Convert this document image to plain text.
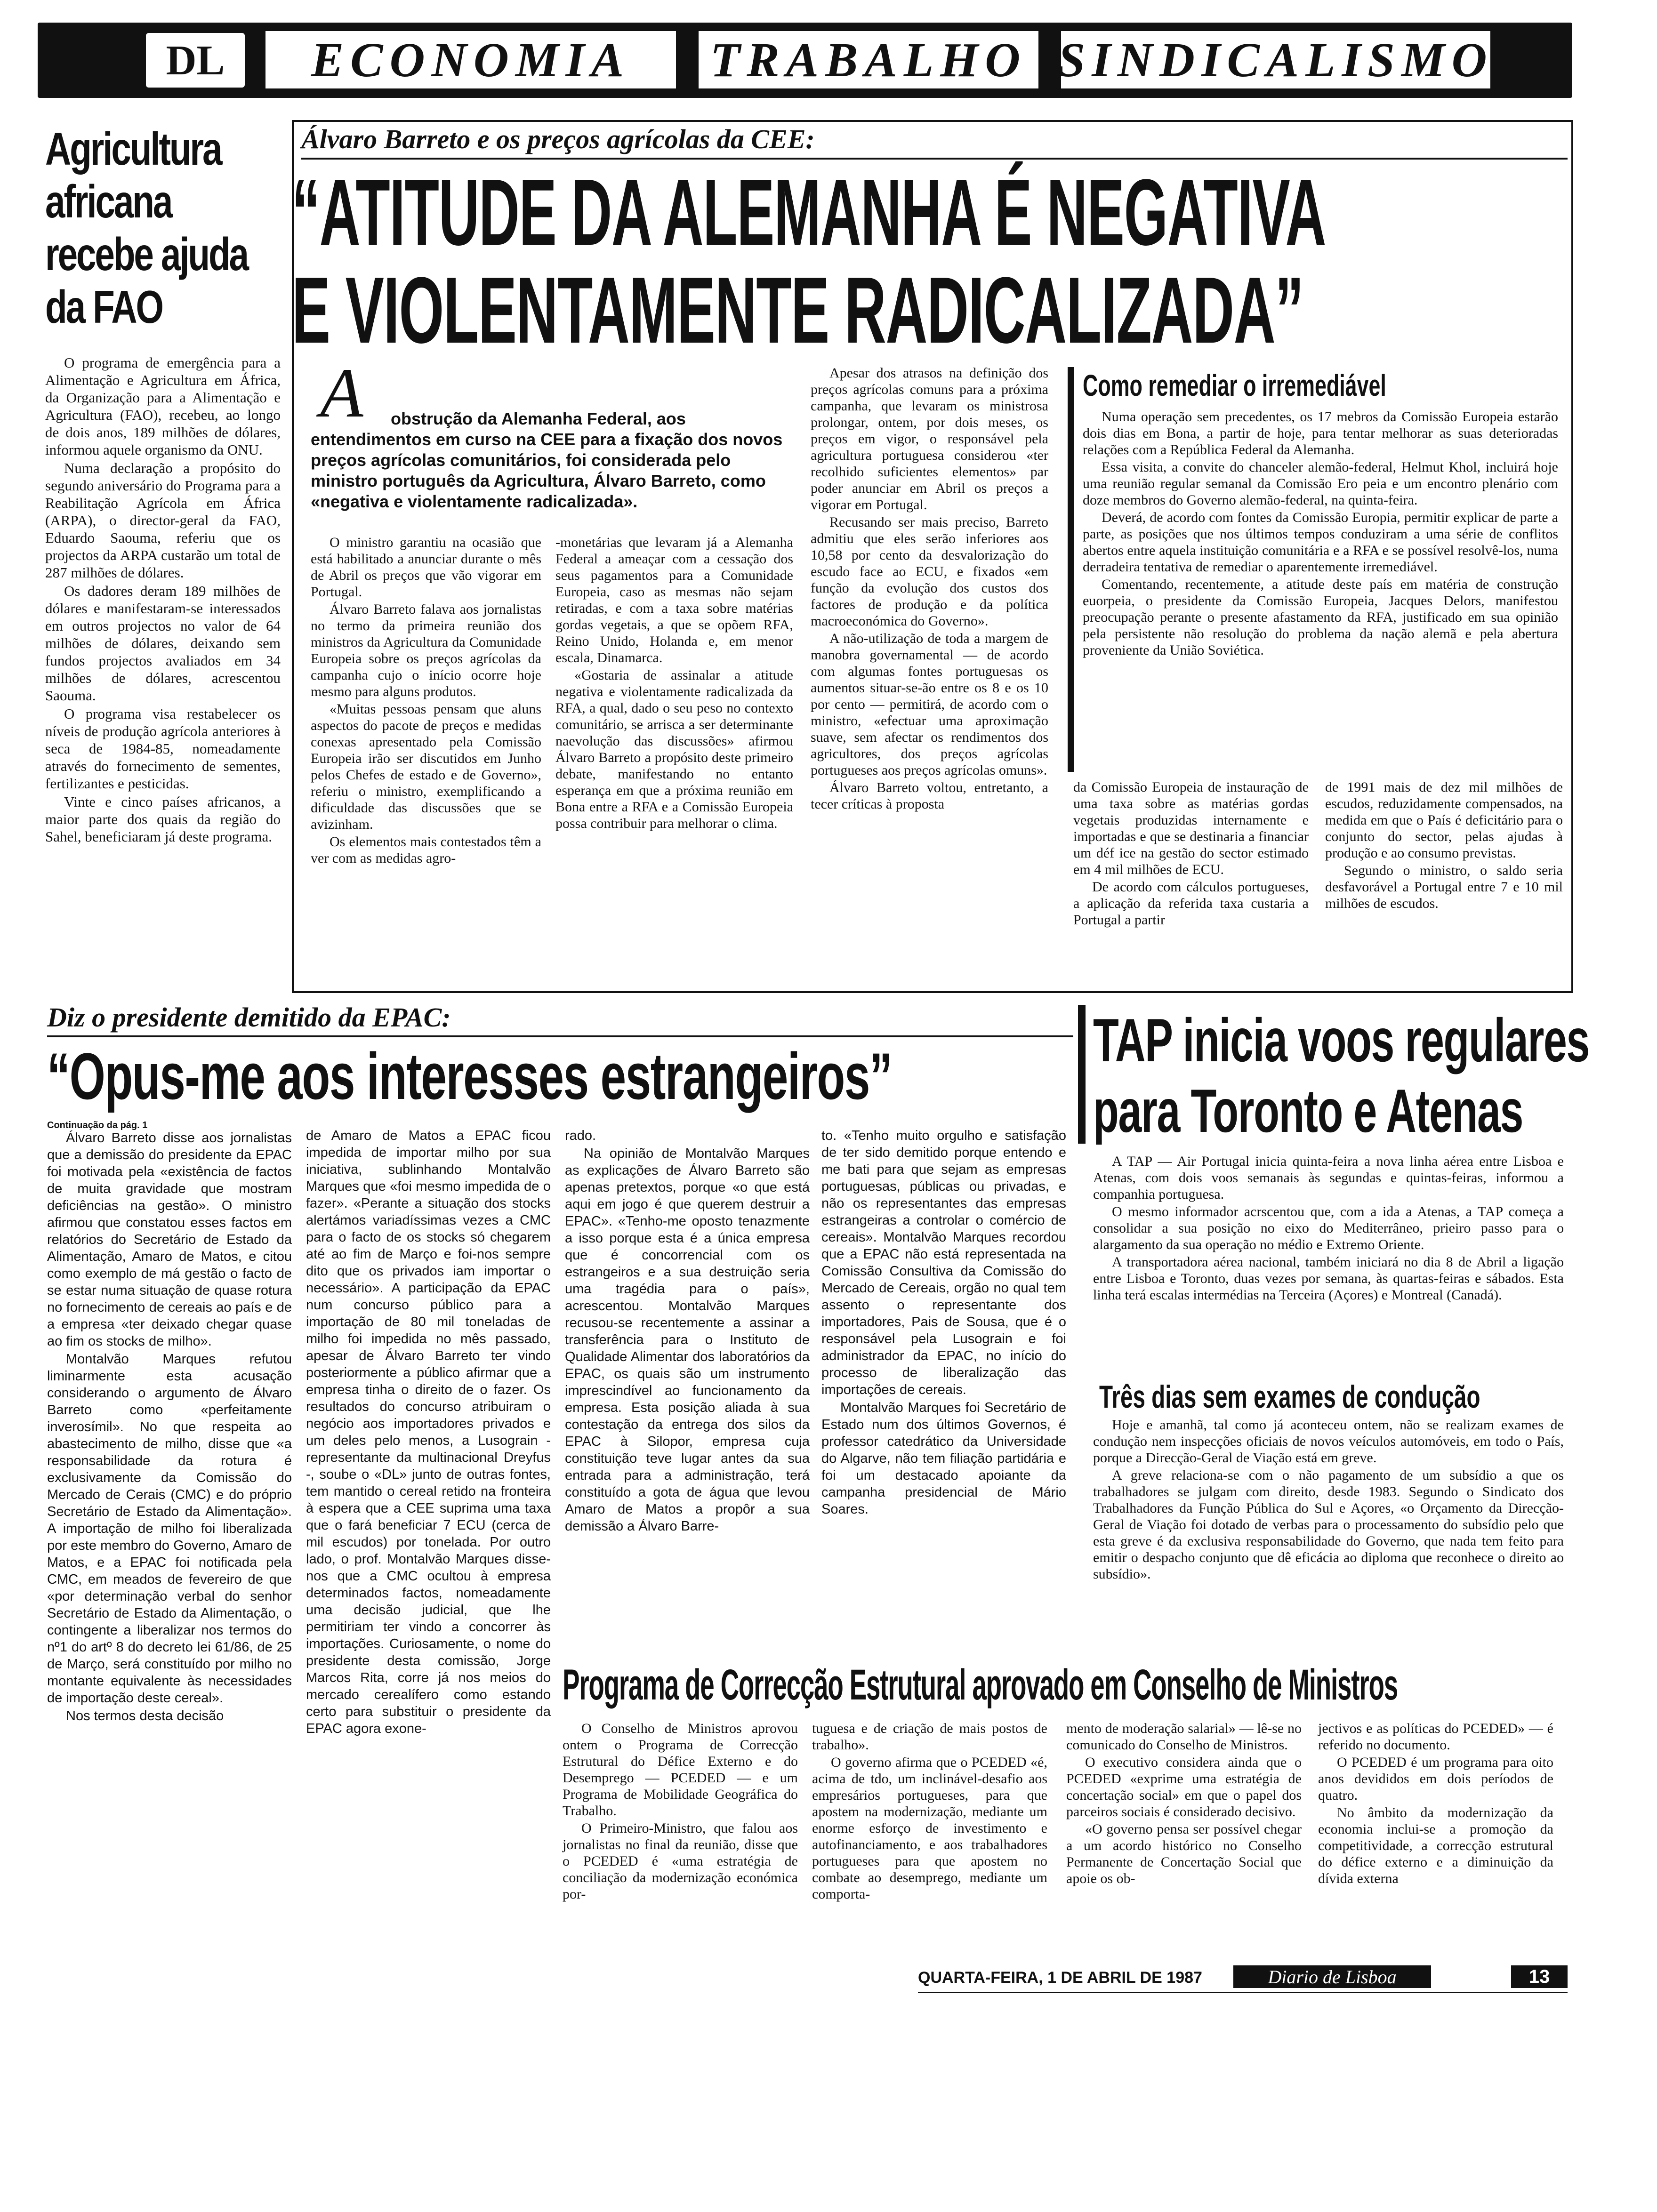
DL ECONOMIA TRABALHO SINDICALISMO
Agricultura africana recebe ajuda da FAO

O programa de emergência para a Alimentação e Agricultura em África, da Organização para a Alimentação e Agricultura (FAO), recebeu, ao longo de dois anos, 189 milhões de dólares, informou aquele organismo da ONU.

Numa declaração a propósito do segundo aniversário do Programa para a Reabilitação Agrícola em África (ARPA), o director-geral da FAO, Eduardo Saouma, referiu que os projectos da ARPA custarão um total de 287 milhões de dólares.

Os dadores deram 189 milhões de dólares e manifestaram-se interessados em outros projectos no valor de 64 milhões de dólares, deixando sem fundos projectos avaliados em 34 milhões de dólares, acrescentou Saouma.

O programa visa restabelecer os níveis de produção agrícola anteriores à seca de 1984-85, nomeadamente através do fornecimento de sementes, fertilizantes e pesticidas.

Vinte e cinco países africanos, a maior parte dos quais da região do Sahel, beneficiaram já deste programa.

Álvaro Barreto e os preços agrícolas da CEE:
“ATITUDE DA ALEMANHA É NEGATIVA
E VIOLENTAMENTE RADICALIZADA”
A	obstrução da Alemanha Federal, aos entendimentos em curso na CEE para a fixação dos novos preços agrícolas comunitários, foi considerada pelo ministro português da Agricultura, Álvaro Barreto, como «negativa e violentamente radicalizada».

O ministro garantiu na ocasião que está habilitado a anunciar durante o mês de Abril os preços que vão vigorar em Portugal.

Álvaro Barreto falava aos jornalistas no termo da primeira reunião dos ministros da Agricultura da Comunidade Europeia sobre os preços agrícolas da campanha cujo o início ocorre hoje mesmo para alguns produtos.

«Muitas pessoas pensam que aluns aspectos do pacote de preços e medidas conexas apresentado pela Comissão Europeia irão ser discutidos em Junho pelos Chefes de estado e de Governo», referiu o ministro, exemplificando a dificuldade das discussões que se avizinham.

Os elementos mais contestados têm a ver com as medidas agro-

-monetárias que levaram já a Alemanha Federal a ameaçar com a cessação dos seus pagamentos para a Comunidade Europeia, caso as mesmas não sejam retiradas, e com a taxa sobre matérias gordas vegetais, a que se opõem RFA, Reino Unido, Holanda e, em menor escala, Dinamarca.

«Gostaria de assinalar a atitude negativa e violentamente radicalizada da RFA, a qual, dado o seu peso no contexto comunitário, se arrisca a ser determinante naevolução das discussões» afirmou Álvaro Barreto a propósito deste primeiro debate, manifestando no entanto esperança em que a próxima reunião em Bona entre a RFA e a Comissão Europeia possa contribuir para melhorar o clima.

Apesar dos atrasos na definição dos preços agrícolas comuns para a próxima campanha, que levaram os ministrosa prolongar, ontem, por dois meses, os preços em vigor, o responsável pela agricultura portuguesa considerou «ter recolhido suficientes elementos» par poder anunciar em Abril os preços a vigorar em Portugal.

Recusando ser mais preciso, Barreto admitiu que eles serão inferiores aos 10,58 por cento da desvalorização do escudo face ao ECU, e fixados «em função da evolução dos custos dos factores de produção e da política macroeconómica do Governo».

A não-utilização de toda a margem de manobra governamental — de acordo com algumas fontes portuguesas os aumentos situar-se-ão entre os 8 e os 10 por cento — permitirá, de acordo com o ministro, «efectuar uma aproximação suave, sem afectar os rendimentos dos agricultores, dos preços agrícolas portugueses aos preços agrícolas omuns».

Álvaro Barreto voltou, entretanto, a tecer críticas à proposta

Como remediar o irremediável

Numa operação sem precedentes, os 17 mebros da Comissão Europeia estarão dois dias em Bona, a partir de hoje, para tentar melhorar as suas deterioradas relações com a República Federal da Alemanha.

Essa visita, a convite do chanceler alemão-federal, Helmut Khol, incluirá hoje uma reunião regular semanal da Comissão Ero peia e um encontro plenário com doze membros do Governo alemão-federal, na quinta-feira.

Deverá, de acordo com fontes da Comissão Europia, permitir explicar de parte a parte, as posições que nos últimos tempos conduziram a uma série de conflitos abertos entre aquela instituição comunitária e a RFA e se possível resolvê-los, numa derradeira tentativa de remediar o aparentemente irremediável.

Comentando, recentemente, a atitude deste país em matéria de construção euorpeia, o presidente da Comissão Europeia, Jacques Delors, manifestou preocupação perante o presente afastamento da RFA, justificado em sua opinião pela persistente não resolução do problema da nação alemã e pela abertura proveniente da União Soviética.

da Comissão Europeia de instauração de uma taxa sobre as matérias gordas vegetais produzidas internamente e importadas e que se destinaria a financiar um déf ice na gestão do sector estimado em 4 mil milhões de ECU.

De acordo com cálculos portugueses, a aplicação da referida taxa custaria a Portugal a partir

de 1991 mais de dez mil milhões de escudos, reduzidamente compensados, na medida em que o País é deficitário para o conjunto do sector, pelas ajudas à produção e ao consumo previstas.

Segundo o ministro, o saldo seria desfavorável a Portugal entre 7 e 10 mil milhões de escudos.

Diz o presidente demitido da EPAC:
“Opus-me aos interesses estrangeiros”
Continuação da pág. 1

Álvaro Barreto disse aos jornalistas que a demissão do presidente da EPAC foi motivada pela «existência de factos de muita gravidade que mostram deficiências na gestão». O ministro afirmou que constatou esses factos em relatórios do Secretário de Estado da Alimentação, Amaro de Matos, e citou como exemplo de má gestão o facto de se estar numa situação de quase rotura no fornecimento de cereais ao país e de a empresa «ter deixado chegar quase ao fim os stocks de milho».

Montalvão Marques refutou liminarmente esta acusação considerando o argumento de Álvaro Barreto como «perfeitamente inverosímil». No que respeita ao abastecimento de milho, disse que «a responsabilidade da rotura é exclusivamente da Comissão do Mercado de Cerais (CMC) e do próprio Secretário de Estado da Alimentação». A importação de milho foi liberalizada por este membro do Governo, Amaro de Matos, e a EPAC foi notificada pela CMC, em meados de fevereiro de que «por determinação verbal do senhor Secretário de Estado da Alimentação, o contingente a liberalizar nos termos do nº1 do artº 8 do decreto lei 61/86, de 25 de Março, será constituído por milho no montante equivalente às necessidades de importação deste cereal».

Nos termos desta decisão

de Amaro de Matos a EPAC ficou impedida de importar milho por sua iniciativa, sublinhando Montalvão Marques que «foi mesmo impedida de o fazer». «Perante a situação dos stocks alertámos variadíssimas vezes a CMC para o facto de os stocks só chegarem até ao fim de Março e foi-nos sempre dito que os privados iam importar o necessário». A participação da EPAC num concurso público para a importação de 80 mil toneladas de milho foi impedida no mês passado, apesar de Álvaro Barreto ter vindo posteriormente a público afirmar que a empresa tinha o direito de o fazer. Os resultados do concurso atribuiram o negócio aos importadores privados e um deles pelo menos, a Lusograin - representante da multinacional Dreyfus -, soube o «DL» junto de outras fontes, tem mantido o cereal retido na fronteira à espera que a CEE suprima uma taxa que o fará beneficiar 7 ECU (cerca de mil escudos) por tonelada. Por outro lado, o prof. Montalvão Marques disse-nos que a CMC ocultou à empresa determinados factos, nomeadamente uma decisão judicial, que lhe permitiriam ter vindo a concorrer às importações. Curiosamente, o nome do presidente desta comissão, Jorge Marcos Rita, corre já nos meios do mercado cerealífero como estando certo para substituir o presidente da EPAC agora exone-

rado.

Na opinião de Montalvão Marques as explicações de Álvaro Barreto são apenas pretextos, porque «o que está aqui em jogo é que querem destruir a EPAC». «Tenho-me oposto tenazmente a isso porque esta é a única empresa que é concorrencial com os estrangeiros e a sua destruição seria uma tragédia para o país», acrescentou. Montalvão Marques recusou-se recentemente a assinar a transferência para o Instituto de Qualidade Alimentar dos laboratórios da EPAC, os quais são um instrumento imprescindível ao funcionamento da empresa. Esta posição aliada à sua contestação da entrega dos silos da EPAC à Silopor, empresa cuja constituição teve lugar antes da sua entrada para a administração, terá constituído a gota de água que levou Amaro de Matos a propôr a sua demissão a Álvaro Barre-

to. «Tenho muito orgulho e satisfação de ter sido demitido porque entendo e me bati para que sejam as empresas portuguesas, públicas ou privadas, e não os representantes das empresas estrangeiras a controlar o comércio de cereais». Montalvão Marques recordou que a EPAC não está representada na Comissão Consultiva da Comissão do Mercado de Cereais, orgão no qual tem assento o representante dos importadores, Pais de Sousa, que é o responsável pela Lusograin e foi administrador da EPAC, no início do processo de liberalização das importações de cereais.

Montalvão Marques foi Secretário de Estado num dos últimos Governos, é professor catedrático da Universidade do Algarve, não tem filiação partidária e foi um destacado apoiante da campanha presidencial de Mário Soares.

TAP inicia voos regulares
para Toronto e Atenas

A TAP — Air Portugal inicia quinta-feira a nova linha aérea entre Lisboa e Atenas, com dois voos semanais às segundas e quintas-feiras, informou a companhia portuguesa.

O mesmo informador acrscentou que, com a ida a Atenas, a TAP começa a consolidar a sua posição no eixo do Mediterrâneo, prieiro passo para o alargamento da sua operação no médio e Extremo Oriente.

A transportadora aérea nacional, também iniciará no dia 8 de Abril a ligação entre Lisboa e Toronto, duas vezes por semana, às quartas-feiras e sábados. Esta linha terá escalas intermédias na Terceira (Açores) e Montreal (Canadá).

Três dias sem exames de condução

Hoje e amanhã, tal como já aconteceu ontem, não se realizam exames de condução nem inspecções oficiais de novos veículos automóveis, em todo o País, porque a Direcção-Geral de Viação está em greve.

A greve relaciona-se com o não pagamento de um subsídio a que os trabalhadores se julgam com direito, desde 1983. Segundo o Sindicato dos Trabalhadores da Função Pública do Sul e Açores, «o Orçamento da Direcção-Geral de Viação foi dotado de verbas para o processamento do subsídio pelo que esta greve é da exclusiva responsabilidade do Governo, que nada tem feito para emitir o despacho conjunto que dê eficácia ao diploma que reconhece o direito ao subsídio».

Programa de Correcção Estrutural aprovado em Conselho de Ministros

O Conselho de Ministros aprovou ontem o Programa de Correcção Estrutural do Défice Externo e do Desemprego — PCEDED — e um Programa de Mobilidade Geográfica do Trabalho.

O Primeiro-Ministro, que falou aos jornalistas no final da reunião, disse que o PCEDED é «uma estratégia de conciliação da modernização económica por-

tuguesa e de criação de mais postos de trabalho».

O governo afirma que o PCEDED «é, acima de tdo, um inclinável-desafio aos empresários portugueses, para que apostem na modernização, mediante um enorme esforço de investimento e autofinanciamento, e aos trabalhadores portugueses para que apostem no combate ao desemprego, mediante um comporta-

mento de moderação salarial» — lê-se no comunicado do Conselho de Ministros.

O executivo considera ainda que o PCEDED «exprime uma estratégia de concertação social» em que o papel dos parceiros sociais é considerado decisivo.

«O governo pensa ser possível chegar a um acordo histórico no Conselho Permanente de Concertação Social que apoie os ob-

jectivos e as políticas do PCEDED» — é referido no documento.

O PCEDED é um programa para oito anos devididos em dois períodos de quatro.

No âmbito da modernização da economia inclui-se a promoção da competitividade, a correcção estrutural do défice externo e a diminuição da dívida externa

QUARTA-FEIRA, 1 DE ABRIL DE 1987	Diario de Lisboa	13
